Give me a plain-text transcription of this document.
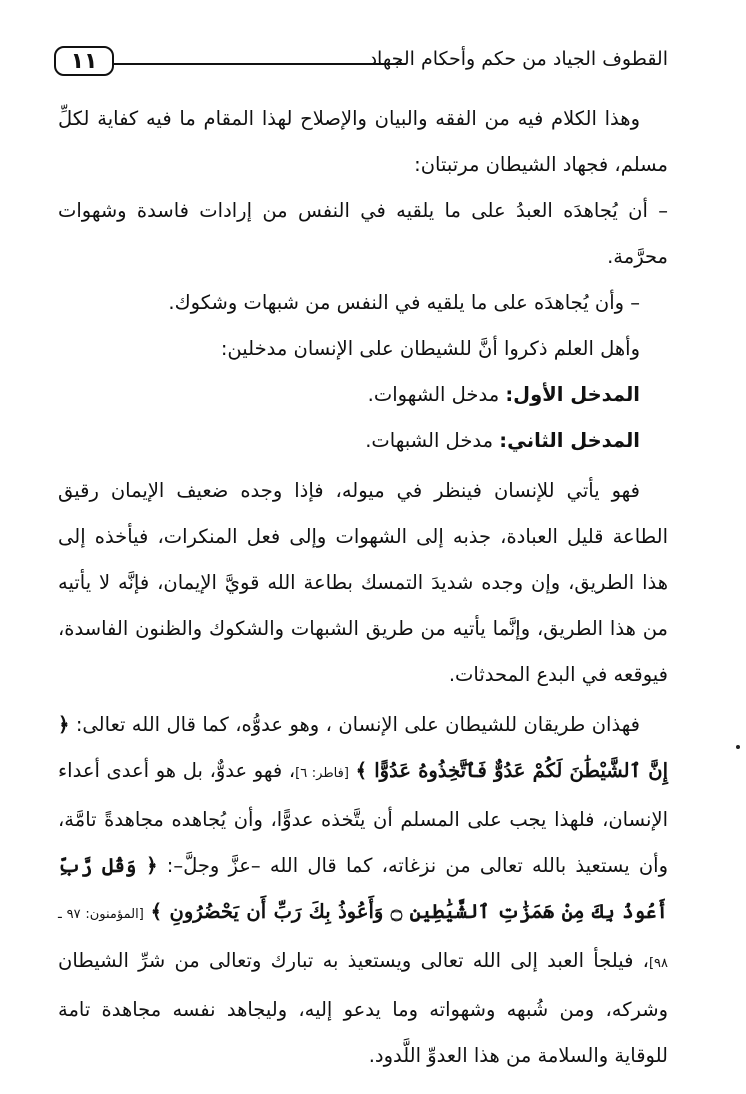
١١	القطوف الجياد من حكم وأحكام الجهاد

وهذا الكلام فيه من الفقه والبيان والإصلاح لهذا المقام ما فيه كفاية لكلِّ مسلم، فجهاد الشيطان مرتبتان:

– أن يُجاهدَه العبدُ على ما يلقيه في النفس من إرادات فاسدة وشهوات محرَّمة.

– وأن يُجاهدَه على ما يلقيه في النفس من شبهات وشكوك.

وأهل العلم ذكروا أنَّ للشيطان على الإنسان مدخلين:

المدخل الأول: مدخل الشهوات.

المدخل الثاني: مدخل الشبهات.

فهو يأتي للإنسان فينظر في ميوله، فإذا وجده ضعيف الإيمان رقيق الطاعة قليل العبادة، جذبه إلى الشهوات وإلى فعل المنكرات، فيأخذه إلى هذا الطريق، وإن وجده شديدَ التمسك بطاعة الله قويَّ الإيمان، فإنَّه لا يأتيه من هذا الطريق، وإنَّما يأتيه من طريق الشبهات والشكوك والظنون الفاسدة، فيوقعه في البدع المحدثات.

فهذان طريقان للشيطان على الإنسان ، وهو عدوُّه، كما قال الله تعالى: ﴿ إِنَّ ٱلشَّيْطَٰنَ لَكُمْ عَدُوٌّ فَٱتَّخِذُوهُ عَدُوًّا ﴾ [فاطر: ٦]، فهو عدوٌّ، بل هو أعدى أعداء الإنسان، فلهذا يجب على المسلم أن يتَّخذه عدوًّا، وأن يُجاهده مجاهدةً تامَّة، وأن يستعيذ بالله تعالى من نزغاته، كما قال الله –عزَّ وجلَّ–: ﴿ وَقُل رَّبِّ أَعُوذُ بِكَ مِنْ هَمَزَٰتِ ٱلشَّيَٰطِينِ ۝ وَأَعُوذُ بِكَ رَبِّ أَن يَحْضُرُونِ ﴾ [المؤمنون: ٩٧ ـ ٩٨]، فيلجأ العبد إلى الله تعالى ويستعيذ به تبارك وتعالى من شرِّ الشيطان وشركه، ومن شُبهه وشهواته وما يدعو إليه، وليجاهد نفسه مجاهدة تامة للوقاية والسلامة من هذا العدوِّ اللَّدود.
